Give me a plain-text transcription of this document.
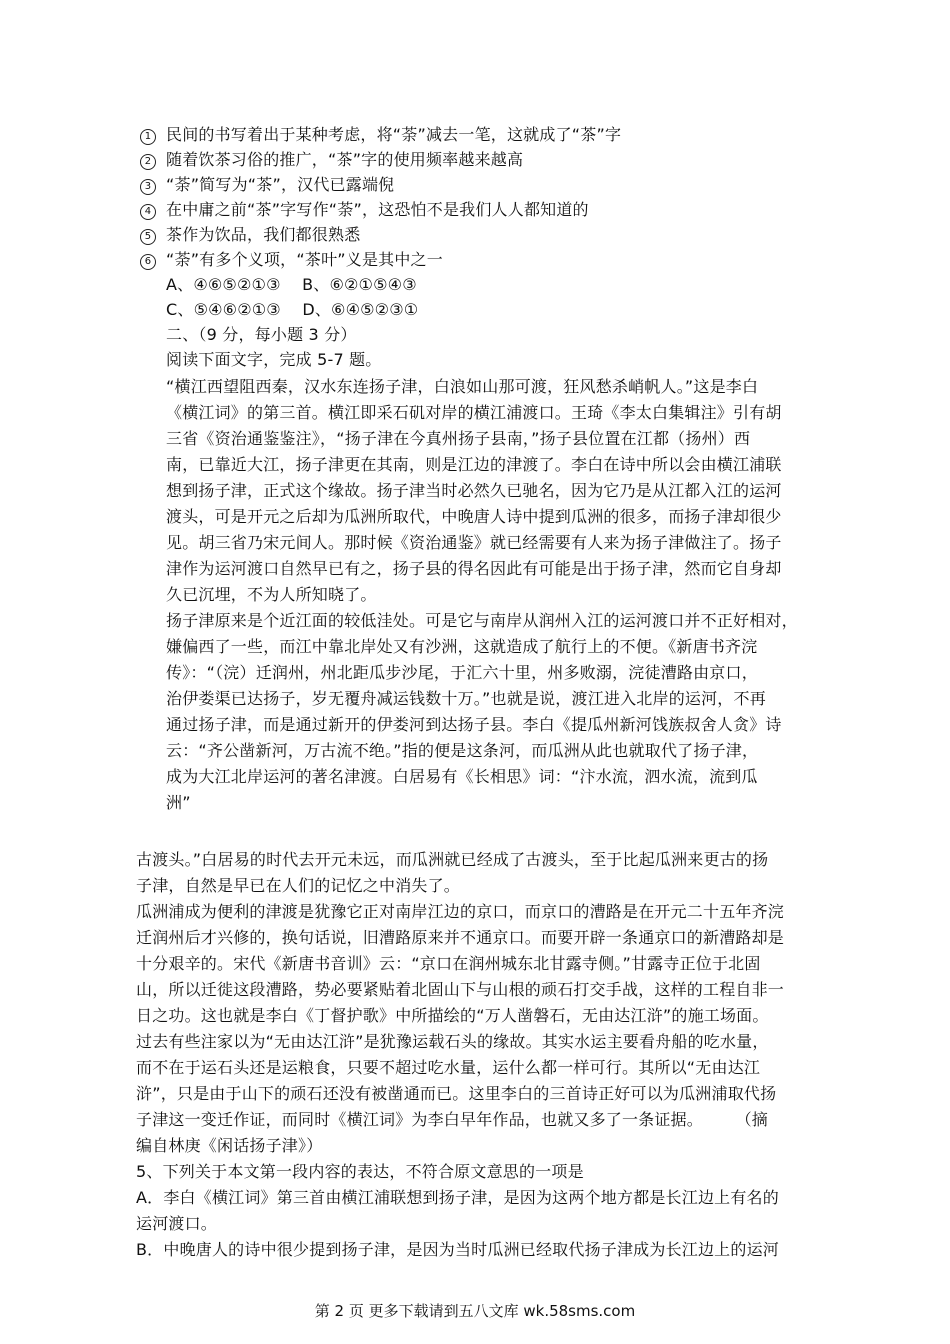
1 民间的书写着出于某种考虑，将“荼”减去一笔，这就成了“茶”字
2 随着饮茶习俗的推广，“茶”字的使用频率越来越高
3 “荼”简写为“茶”，汉代已露端倪
4 在中庸之前“茶”字写作“荼”，这恐怕不是我们人人都知道的
5 茶作为饮品，我们都很熟悉
6 “荼”有多个义项，“茶叶”义是其中之一
A、④⑥⑤②①③　 B、⑥②①⑤④③
C、⑤④⑥②①③　 D、⑥④⑤②③①
二、（9 分，每小题 3 分）
阅读下面文字，完成 5-7 题。
“横江西望阻西秦，汉水东连扬子津，白浪如山那可渡，狂风愁杀峭帆人。”这是李白
《横江词》的第三首。横江即采石矶对岸的横江浦渡口。王琦《李太白集辑注》引有胡
三省《资治通鉴鉴注》，“扬子津在今真州扬子县南，”扬子县位置在江都（扬州）西
南，已靠近大江，扬子津更在其南，则是江边的津渡了。李白在诗中所以会由横江浦联
想到扬子津，正式这个缘故。扬子津当时必然久已驰名，因为它乃是从江都入江的运河
渡头，可是开元之后却为瓜洲所取代，中晚唐人诗中提到瓜洲的很多，而扬子津却很少
见。胡三省乃宋元间人。那时候《资治通鉴》就已经需要有人来为扬子津做注了。扬子
津作为运河渡口自然早已有之，扬子县的得名因此有可能是出于扬子津，然而它自身却
久已沉埋，不为人所知晓了。
扬子津原来是个近江面的较低洼处。可是它与南岸从润州入江的运河渡口并不正好相对，
嫌偏西了一些，而江中靠北岸处又有沙洲，这就造成了航行上的不便。《新唐书齐浣
传》：“（浣）迁润州，州北距瓜步沙尾，于汇六十里，州多败溺，浣徒漕路由京口，
治伊娄渠已达扬子，岁无覆舟减运钱数十万。”也就是说，渡江进入北岸的运河，不再
通过扬子津，而是通过新开的伊娄河到达扬子县。李白《提瓜州新河饯族叔舍人贪》诗
云：“齐公凿新河，万古流不绝。”指的便是这条河，而瓜洲从此也就取代了扬子津，
成为大江北岸运河的著名津渡。白居易有《长相思》词：“汴水流，泗水流，流到瓜
洲”
古渡头。”白居易的时代去开元未远，而瓜洲就已经成了古渡头，至于比起瓜洲来更古的扬
子津，自然是早已在人们的记忆之中消失了。
瓜洲浦成为便利的津渡是犹豫它正对南岸江边的京口，而京口的漕路是在开元二十五年齐浣
迁润州后才兴修的，换句话说，旧漕路原来并不通京口。而要开辟一条通京口的新漕路却是
十分艰辛的。宋代《新唐书音训》云：“京口在润州城东北甘露寺侧。”甘露寺正位于北固
山，所以迁徙这段漕路，势必要紧贴着北固山下与山根的顽石打交手战，这样的工程自非一
日之功。这也就是李白《丁督护歌》中所描绘的“万人凿磐石，无由达江浒”的施工场面。
过去有些注家以为“无由达江浒”是犹豫运载石头的缘故。其实水运主要看舟船的吃水量，
而不在于运石头还是运粮食，只要不超过吃水量，运什么都一样可行。其所以“无由达江
浒”，只是由于山下的顽石还没有被凿通而已。这里李白的三首诗正好可以为瓜洲浦取代扬
子津这一变迁作证，而同时《横江词》为李白早年作品，也就又多了一条证据。　　　（摘
编自林庚《闲话扬子津》）
5、下列关于本文第一段内容的表达，不符合原文意思的一项是
A．李白《横江词》第三首由横江浦联想到扬子津，是因为这两个地方都是长江边上有名的
运河渡口。
B．中晚唐人的诗中很少提到扬子津，是因为当时瓜洲已经取代扬子津成为长江边上的运河
第 2 页 更多下载请到五八文库 wk.58sms.com
